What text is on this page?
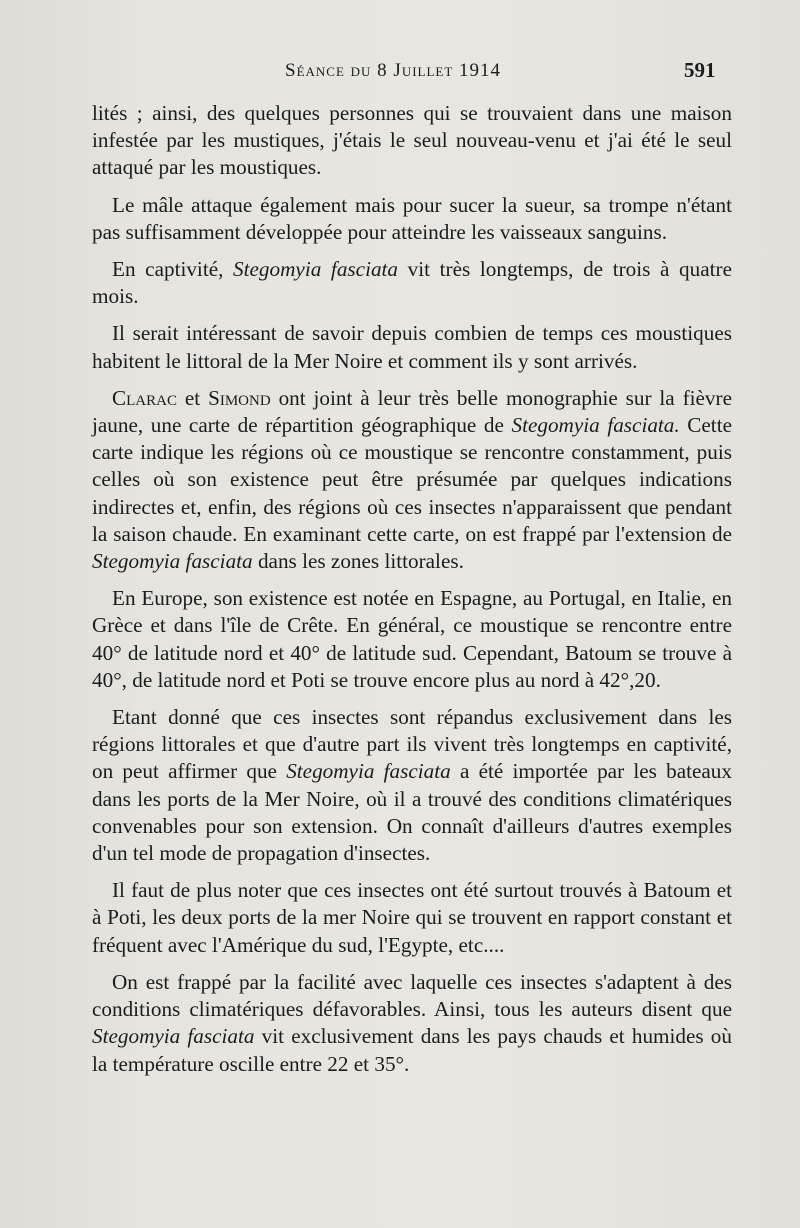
Séance du 8 Juillet 1914	591

lités ; ainsi, des quelques personnes qui se trouvaient dans une maison infestée par les mustiques, j'étais le seul nouveau-venu et j'ai été le seul attaqué par les moustiques.

Le mâle attaque également mais pour sucer la sueur, sa trompe n'étant pas suffisamment développée pour atteindre les vaisseaux sanguins.

En captivité, Stegomyia fasciata vit très longtemps, de trois à quatre mois.

Il serait intéressant de savoir depuis combien de temps ces moustiques habitent le littoral de la Mer Noire et comment ils y sont arrivés.

Clarac et Simond ont joint à leur très belle monographie sur la fièvre jaune, une carte de répartition géographique de Stegomyia fasciata. Cette carte indique les régions où ce moustique se rencontre constamment, puis celles où son existence peut être présumée par quelques indications indirectes et, enfin, des régions où ces insectes n'apparaissent que pendant la saison chaude. En examinant cette carte, on est frappé par l'extension de Stegomyia fasciata dans les zones littorales.

En Europe, son existence est notée en Espagne, au Portugal, en Italie, en Grèce et dans l'île de Crête. En général, ce moustique se rencontre entre 40° de latitude nord et 40° de latitude sud. Cependant, Batoum se trouve à 40°, de latitude nord et Poti se trouve encore plus au nord à 42°,20.

Etant donné que ces insectes sont répandus exclusivement dans les régions littorales et que d'autre part ils vivent très longtemps en captivité, on peut affirmer que Stegomyia fasciata a été importée par les bateaux dans les ports de la Mer Noire, où il a trouvé des conditions climatériques convenables pour son extension. On connaît d'ailleurs d'autres exemples d'un tel mode de propagation d'insectes.

Il faut de plus noter que ces insectes ont été surtout trouvés à Batoum et à Poti, les deux ports de la mer Noire qui se trouvent en rapport constant et fréquent avec l'Amérique du sud, l'Egypte, etc....

On est frappé par la facilité avec laquelle ces insectes s'adaptent à des conditions climatériques défavorables. Ainsi, tous les auteurs disent que Stegomyia fasciata vit exclusivement dans les pays chauds et humides où la température oscille entre 22 et 35°.
